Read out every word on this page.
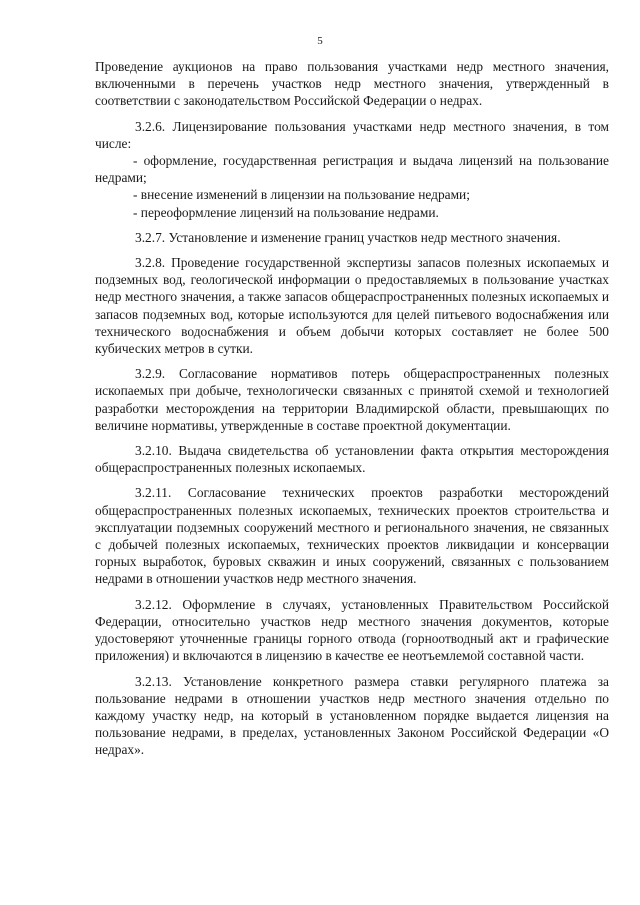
5

Проведение аукционов на право пользования участками недр местного значения, включенными в перечень участков недр местного значения, утвержденный в соответствии с законодательством Российской Федерации о недрах.

3.2.6. Лицензирование пользования участками недр местного значения, в том числе:

- оформление, государственная регистрация и выдача лицензий на пользование недрами;

- внесение изменений в лицензии на пользование недрами;

- переоформление лицензий на пользование недрами.

3.2.7. Установление и изменение границ участков недр местного значения.

3.2.8. Проведение государственной экспертизы запасов полезных ископаемых и подземных вод, геологической информации о предоставляемых в пользование участках недр местного значения, а также запасов общераспространенных полезных ископаемых и запасов подземных вод, которые используются для целей питьевого водоснабжения или технического водоснабжения и объем добычи которых составляет не более 500 кубических метров в сутки.

3.2.9. Согласование нормативов потерь общераспространенных полезных ископаемых при добыче, технологически связанных с принятой схемой и технологией разработки месторождения на территории Владимирской области, превышающих по величине нормативы, утвержденные в составе проектной документации.

3.2.10. Выдача свидетельства об установлении факта открытия месторождения общераспространенных полезных ископаемых.

3.2.11. Согласование технических проектов разработки месторождений общераспространенных полезных ископаемых, технических проектов строительства и эксплуатации подземных сооружений местного и регионального значения, не связанных с добычей полезных ископаемых, технических проектов ликвидации и консервации горных выработок, буровых скважин и иных сооружений, связанных с пользованием недрами в отношении участков недр местного значения.

3.2.12. Оформление в случаях, установленных Правительством Российской Федерации, относительно участков недр местного значения документов, которые удостоверяют уточненные границы горного отвода (горноотводный акт и графические приложения) и включаются в лицензию в качестве ее неотъемлемой составной части.

3.2.13. Установление конкретного размера ставки регулярного платежа за пользование недрами в отношении участков недр местного значения отдельно по каждому участку недр, на который в установленном порядке выдается лицензия на пользование недрами, в пределах, установленных Законом Российской Федерации «О недрах».
